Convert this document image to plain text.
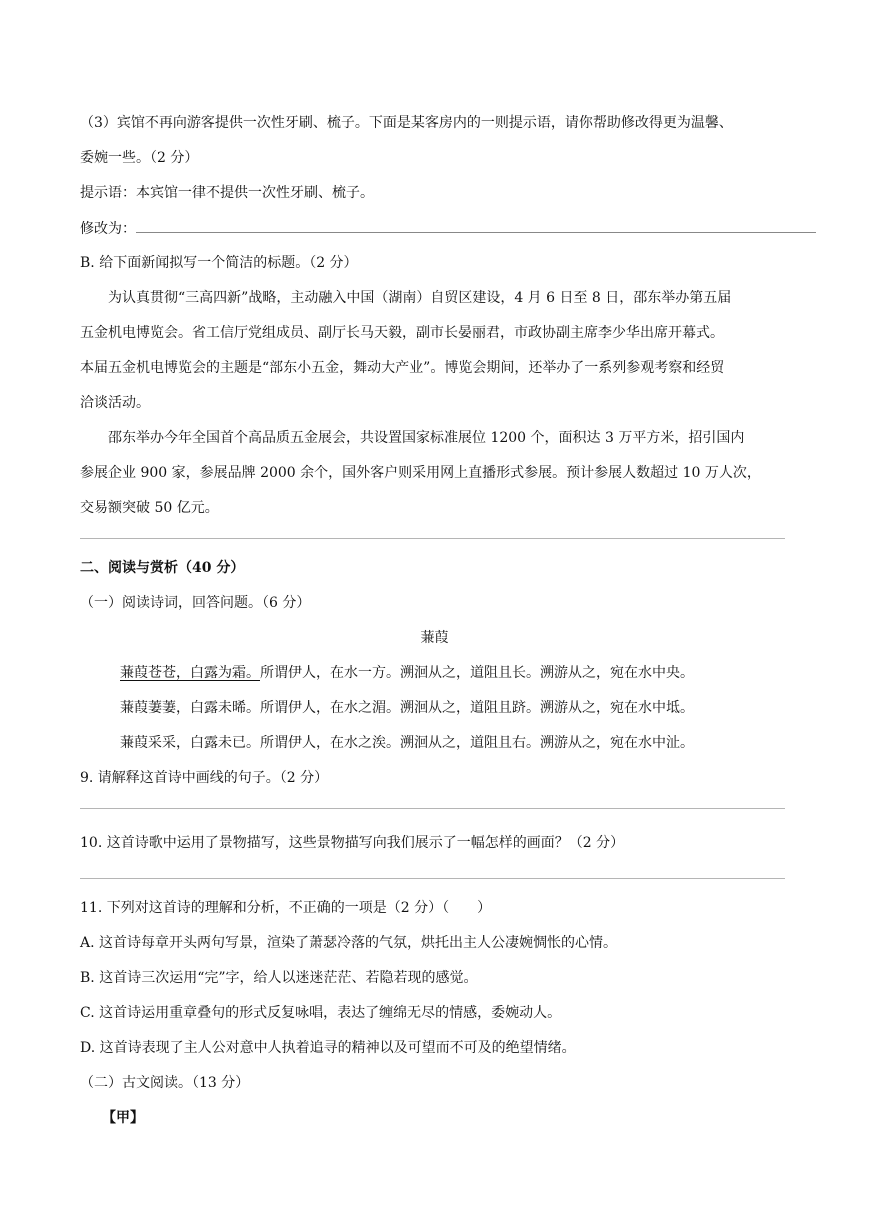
（3）宾馆不再向游客提供一次性牙刷、梳子。下面是某客房内的一则提示语，请你帮助修改得更为温馨、
委婉一些。（2 分）
提示语：本宾馆一律不提供一次性牙刷、梳子。
修改为：
B. 给下面新闻拟写一个简洁的标题。（2 分）
为认真贯彻“三高四新”战略，主动融入中国（湖南）自贸区建设，4 月 6 日至 8 日，邵东举办第五届
五金机电博览会。省工信厅党组成员、副厅长马天毅，副市长晏丽君，市政协副主席李少华出席开幕式。
本届五金机电博览会的主题是“部东小五金，舞动大产业”。博览会期间，还举办了一系列参观考察和经贸
洽谈活动。
邵东举办今年全国首个高品质五金展会，共设置国家标准展位 1200 个，面积达 3 万平方米，招引国内
参展企业 900 家，参展品牌 2000 余个，国外客户则采用网上直播形式参展。预计参展人数超过 10 万人次，
交易额突破 50 亿元。
二、阅读与赏析（40 分）
（一）阅读诗词，回答问题。（6 分）
蒹葭
蒹葭苍苍，白露为霜。所谓伊人，在水一方。溯洄从之，道阻且长。溯游从之，宛在水中央。
蒹葭萋萋，白露未晞。所谓伊人，在水之湄。溯洄从之，道阻且跻。溯游从之，宛在水中坻。
蒹葭采采，白露未已。所谓伊人，在水之涘。溯洄从之，道阻且右。溯游从之，宛在水中沚。
9. 请解释这首诗中画线的句子。（2 分）
10. 这首诗歌中运用了景物描写，这些景物描写向我们展示了一幅怎样的画面？（2 分）
11. 下列对这首诗的理解和分析，不正确的一项是（2 分）（　　）
A. 这首诗每章开头两句写景，渲染了萧瑟冷落的气氛，烘托出主人公凄婉惆怅的心情。
B. 这首诗三次运用“完”字，给人以迷迷茫茫、若隐若现的感觉。
C. 这首诗运用重章叠句的形式反复咏唱，表达了缠绵无尽的情感，委婉动人。
D. 这首诗表现了主人公对意中人执着追寻的精神以及可望而不可及的绝望情绪。
（二）古文阅读。（13 分）
【甲】
